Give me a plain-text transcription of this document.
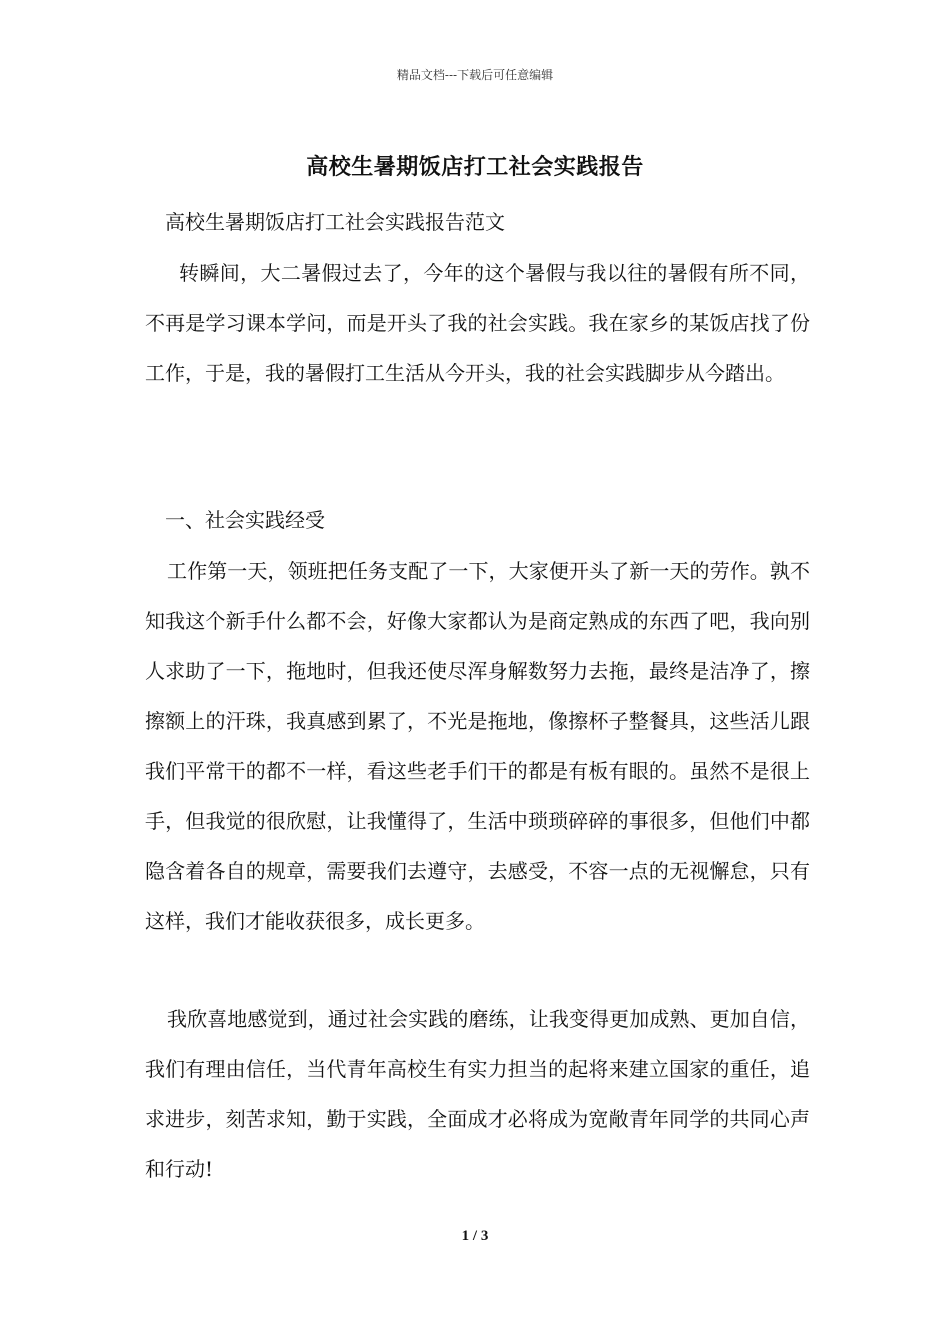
精品文档---下载后可任意编辑
高校生暑期饭店打工社会实践报告
高校生暑期饭店打工社会实践报告范文

转瞬间，大二暑假过去了，今年的这个暑假与我以往的暑假有所不同，不再是学习课本学问，而是开头了我的社会实践。我在家乡的某饭店找了份工作，于是，我的暑假打工生活从今开头，我的社会实践脚步从今踏出。

一、社会实践经受

工作第一天，领班把任务支配了一下，大家便开头了新一天的劳作。孰不知我这个新手什么都不会，好像大家都认为是商定熟成的东西了吧，我向别人求助了一下，拖地时，但我还使尽浑身解数努力去拖，最终是洁净了，擦擦额上的汗珠，我真感到累了，不光是拖地，像擦杯子整餐具，这些活儿跟我们平常干的都不一样，看这些老手们干的都是有板有眼的。虽然不是很上手，但我觉的很欣慰，让我懂得了，生活中琐琐碎碎的事很多，但他们中都隐含着各自的规章，需要我们去遵守，去感受，不容一点的无视懈怠，只有这样，我们才能收获很多，成长更多。

我欣喜地感觉到，通过社会实践的磨练，让我变得更加成熟、更加自信，我们有理由信任，当代青年高校生有实力担当的起将来建立国家的重任，追求进步，刻苦求知，勤于实践，全面成才必将成为宽敞青年同学的共同心声和行动!

1 / 3
